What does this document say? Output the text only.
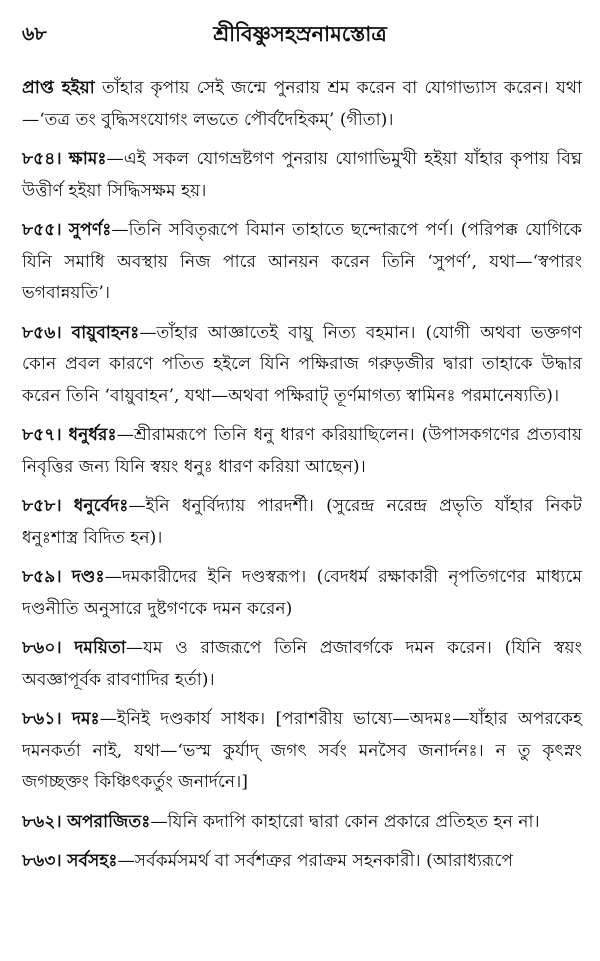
৬৮	শ্রীবিষ্ণুসহস্রনামস্তোত্র

প্রাপ্ত হইয়া তাঁহার কৃপায় সেই জন্মে পুনরায় শ্রম করেন বা যোগাভ্যাস করেন। যথা—‘তত্র তং বুদ্ধিসংযোগং লভতে পৌর্বদৈহিকম্’ (গীতা)।

৮৫৪। ক্ষামঃ—এই সকল যোগভ্রষ্টগণ পুনরায় যোগাভিমুখী হইয়া যাঁহার কৃপায় বিঘ্ন উত্তীর্ণ হইয়া সিদ্ধিসক্ষম হয়।

৮৫৫। সুপর্ণঃ—তিনি সবিতৃরূপে বিমান তাহাতে ছন্দোরূপে পর্ণ। (পরিপক্ক যোগিকে যিনি সমাধি অবস্থায় নিজ পারে আনয়ন করেন তিনি ‘সুপর্ণ’, যথা—‘স্বপারং ভগবান্নয়তি’।

৮৫৬। বায়ুবাহনঃ—তাঁহার আজ্ঞাতেই বায়ু নিত্য বহমান। (যোগী অথবা ভক্তগণ কোন প্রবল কারণে পতিত হইলে যিনি পক্ষিরাজ গরুড়জীর দ্বারা তাহাকে উদ্ধার করেন তিনি ‘বায়ুবাহন’, যথা—অথবা পক্ষিরাট্ তূর্ণমাগত্য স্বামিনঃ পরমানেষ্যতি)।

৮৫৭। ধনুর্ধরঃ—শ্রীরামরূপে তিনি ধনু ধারণ করিয়াছিলেন। (উপাসকগণের প্রত্যবায় নিবৃত্তির জন্য যিনি স্বয়ং ধনুঃ ধারণ করিয়া আছেন)।

৮৫৮। ধনুর্বেদঃ—ইনি ধনুর্বিদ্যায় পারদর্শী। (সুরেন্দ্র নরেন্দ্র প্রভৃতি যাঁহার নিকট ধনুঃশাস্ত্র বিদিত হন)।

৮৫৯। দণ্ডঃ—দমকারীদের ইনি দণ্ডস্বরূপ। (বেদধর্ম রক্ষাকারী নৃপতিগণের মাধ্যমে দণ্ডনীতি অনুসারে দুষ্টগণকে দমন করেন)

৮৬০। দময়িতা—যম ও রাজরূপে তিনি প্রজাবর্গকে দমন করেন। (যিনি স্বয়ং অবজ্ঞাপূর্বক রাবণাদির হর্তা)।

৮৬১। দমঃ—ইনিই দণ্ডকার্য সাধক। [পরাশরীয় ভাষ্যে—অদমঃ—যাঁহার অপরকেহ দমনকর্তা নাই, যথা—‘ভস্ম কুর্যাদ্ জগৎ সর্বং মনসৈব জনার্দনঃ। ন তু কৃৎস্নং জগচ্ছক্তং কিঞ্চিৎকর্তুং জনার্দনে।]

৮৬২। অপরাজিতঃ—যিনি কদাপি কাহারো দ্বারা কোন প্রকারে প্রতিহত হন না।

৮৬৩। সর্বসহঃ—সর্বকর্মসমর্থ বা সর্বশত্রুর পরাক্রম সহনকারী। (আরাধ্যরূপে
